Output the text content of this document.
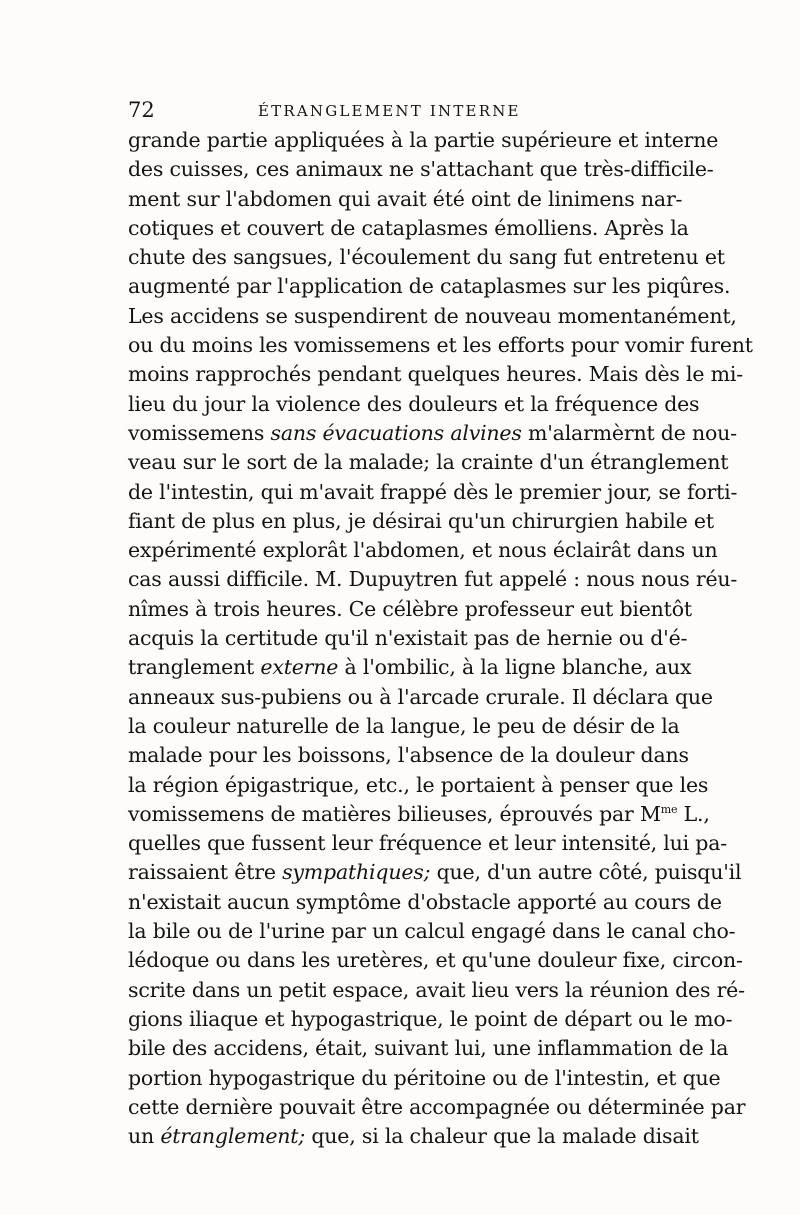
72	ÉTRANGLEMENT INTERNE
grande partie appliquées à la partie supérieure et interne
des cuisses, ces animaux ne s'attachant que très-difficile-
ment sur l'abdomen qui avait été oint de linimens nar-
cotiques et couvert de cataplasmes émolliens. Après la
chute des sangsues, l'écoulement du sang fut entretenu et
augmenté par l'application de cataplasmes sur les piqûres.
Les accidens se suspendirent de nouveau momentanément,
ou du moins les vomissemens et les efforts pour vomir furent
moins rapprochés pendant quelques heures. Mais dès le mi-
lieu du jour la violence des douleurs et la fréquence des
vomissemens sans évacuations alvines m'alarmèrnt de nou-
veau sur le sort de la malade; la crainte d'un étranglement
de l'intestin, qui m'avait frappé dès le premier jour, se forti-
fiant de plus en plus, je désirai qu'un chirurgien habile et
expérimenté explorât l'abdomen, et nous éclairât dans un
cas aussi difficile. M. Dupuytren fut appelé : nous nous réu-
nîmes à trois heures. Ce célèbre professeur eut bientôt
acquis la certitude qu'il n'existait pas de hernie ou d'é-
tranglement externe à l'ombilic, à la ligne blanche, aux
anneaux sus-pubiens ou à l'arcade crurale. Il déclara que
la couleur naturelle de la langue, le peu de désir de la
malade pour les boissons, l'absence de la douleur dans
la région épigastrique, etc., le portaient à penser que les
vomissemens de matières bilieuses, éprouvés par $M^{me}$ L.,
quelles que fussent leur fréquence et leur intensité, lui pa-
raissaient être sympathiques; que, d'un autre côté, puisqu'il
n'existait aucun symptôme d'obstacle apporté au cours de
la bile ou de l'urine par un calcul engagé dans le canal cho-
lédoque ou dans les uretères, et qu'une douleur fixe, circon-
scrite dans un petit espace, avait lieu vers la réunion des ré-
gions iliaque et hypogastrique, le point de départ ou le mo-
bile des accidens, était, suivant lui, une inflammation de la
portion hypogastrique du péritoine ou de l'intestin, et que
cette dernière pouvait être accompagnée ou déterminée par
un étranglement; que, si la chaleur que la malade disait
